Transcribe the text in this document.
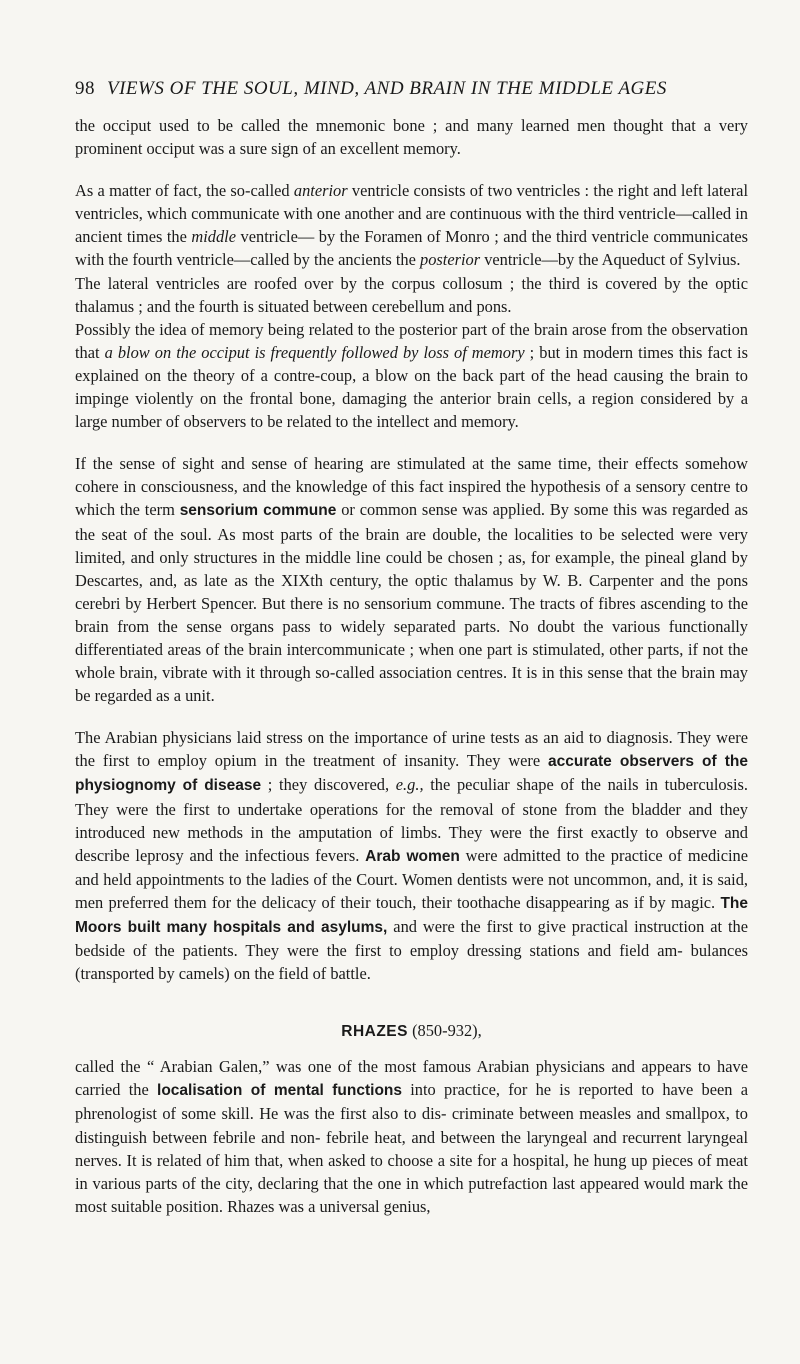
98 VIEWS OF THE SOUL, MIND, AND BRAIN IN THE MIDDLE AGES

the occiput used to be called the mnemonic bone ; and many learned men thought that a very prominent occiput was a sure sign of an excellent memory.

As a matter of fact, the so-called anterior ventricle consists of two ventricles : the right and left lateral ventricles, which communicate with one another and are continuous with the third ventricle—called in ancient times the middle ventricle— by the Foramen of Monro ; and the third ventricle communicates with the fourth ventricle—called by the ancients the posterior ventricle—by the Aqueduct of Sylvius.

The lateral ventricles are roofed over by the corpus collosum ; the third is covered by the optic thalamus ; and the fourth is situated between cerebellum and pons.

Possibly the idea of memory being related to the posterior part of the brain arose from the observation that a blow on the occiput is frequently followed by loss of memory ; but in modern times this fact is explained on the theory of a contre-coup, a blow on the back part of the head causing the brain to impinge violently on the frontal bone, damaging the anterior brain cells, a region considered by a large number of observers to be related to the intellect and memory.

If the sense of sight and sense of hearing are stimulated at the same time, their effects somehow cohere in consciousness, and the knowledge of this fact inspired the hypothesis of a sensory centre to which the term sensorium commune or common sense was applied. By some this was regarded as the seat of the soul. As most parts of the brain are double, the localities to be selected were very limited, and only structures in the middle line could be chosen ; as, for example, the pineal gland by Descartes, and, as late as the XIXth century, the optic thalamus by W. B. Carpenter and the pons cerebri by Herbert Spencer. But there is no sensorium commune. The tracts of fibres ascending to the brain from the sense organs pass to widely separated parts. No doubt the various functionally differentiated areas of the brain intercommunicate ; when one part is stimulated, other parts, if not the whole brain, vibrate with it through so-called association centres. It is in this sense that the brain may be regarded as a unit.

The Arabian physicians laid stress on the importance of urine tests as an aid to diagnosis. They were the first to employ opium in the treatment of insanity. They were accurate observers of the physiognomy of disease ; they discovered, e.g., the peculiar shape of the nails in tuberculosis. They were the first to undertake operations for the removal of stone from the bladder and they introduced new methods in the amputation of limbs. They were the first exactly to observe and describe leprosy and the infectious fevers. Arab women were admitted to the practice of medicine and held appointments to the ladies of the Court. Women dentists were not uncommon, and, it is said, men preferred them for the delicacy of their touch, their toothache disappearing as if by magic. The Moors built many hospitals and asylums, and were the first to give practical instruction at the bedside of the patients. They were the first to employ dressing stations and field am- bulances (transported by camels) on the field of battle.

RHAZES (850-932),

called the “ Arabian Galen,” was one of the most famous Arabian physicians and appears to have carried the localisation of mental functions into practice, for he is reported to have been a phrenologist of some skill. He was the first also to dis- criminate between measles and smallpox, to distinguish between febrile and non- febrile heat, and between the laryngeal and recurrent laryngeal nerves. It is related of him that, when asked to choose a site for a hospital, he hung up pieces of meat in various parts of the city, declaring that the one in which putrefaction last appeared would mark the most suitable position. Rhazes was a universal genius,
